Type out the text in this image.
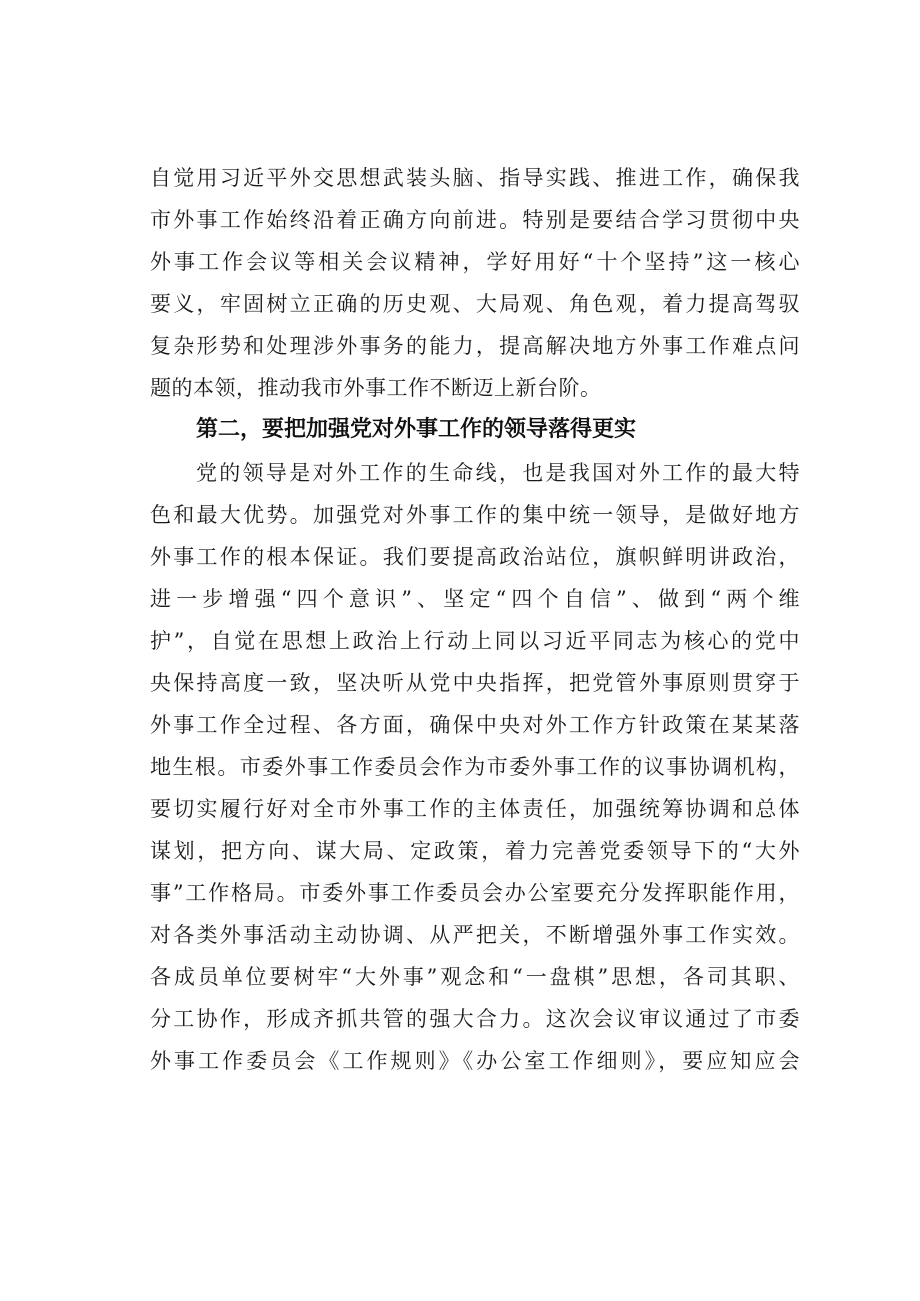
自觉用习近平外交思想武装头脑、指导实践、推进工作，确保我
市外事工作始终沿着正确方向前进。特别是要结合学习贯彻中央
外事工作会议等相关会议精神，学好用好“十个坚持”这一核心
要义，牢固树立正确的历史观、大局观、角色观，着力提高驾驭
复杂形势和处理涉外事务的能力，提高解决地方外事工作难点问
题的本领，推动我市外事工作不断迈上新台阶。
第二，要把加强党对外事工作的领导落得更实
党的领导是对外工作的生命线，也是我国对外工作的最大特
色和最大优势。加强党对外事工作的集中统一领导，是做好地方
外事工作的根本保证。我们要提高政治站位，旗帜鲜明讲政治，
进一步增强“四个意识”、坚定“四个自信”、做到“两个维
护”，自觉在思想上政治上行动上同以习近平同志为核心的党中
央保持高度一致，坚决听从党中央指挥，把党管外事原则贯穿于
外事工作全过程、各方面，确保中央对外工作方针政策在某某落
地生根。市委外事工作委员会作为市委外事工作的议事协调机构，
要切实履行好对全市外事工作的主体责任，加强统筹协调和总体
谋划，把方向、谋大局、定政策，着力完善党委领导下的“大外
事”工作格局。市委外事工作委员会办公室要充分发挥职能作用，
对各类外事活动主动协调、从严把关，不断增强外事工作实效。
各成员单位要树牢“大外事”观念和“一盘棋”思想，各司其职、
分工协作，形成齐抓共管的强大合力。这次会议审议通过了市委
外事工作委员会《工作规则》《办公室工作细则》，要应知应会
